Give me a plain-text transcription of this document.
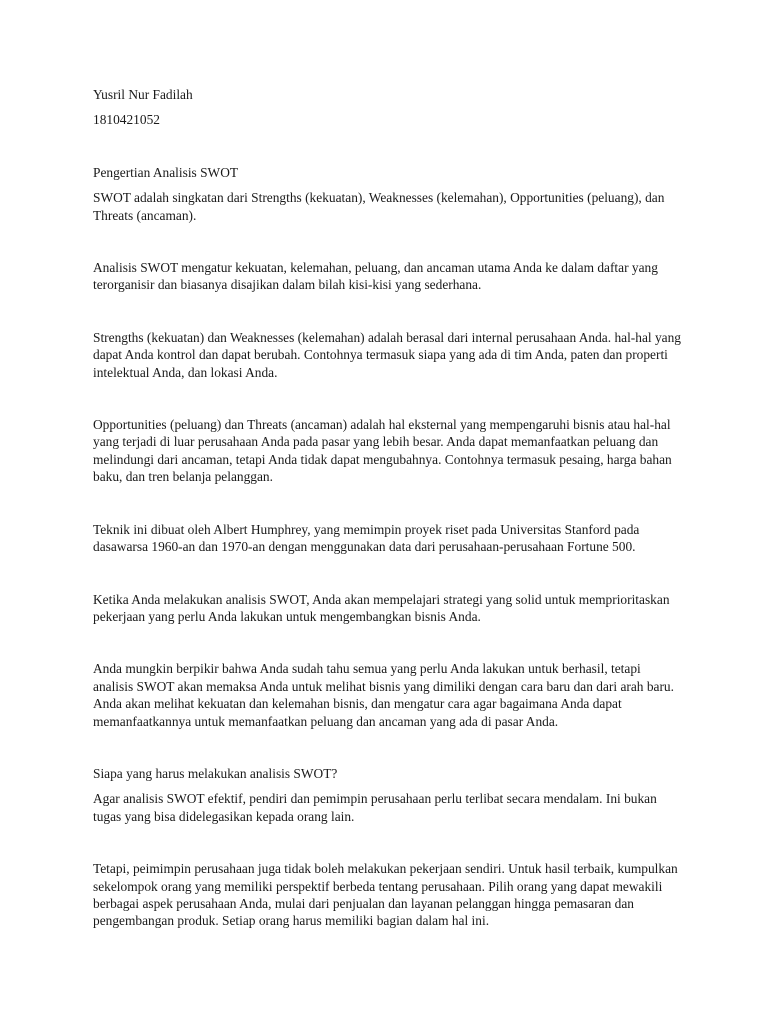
Yusril Nur Fadilah

1810421052

Pengertian Analisis SWOT

SWOT adalah singkatan dari Strengths (kekuatan), Weaknesses (kelemahan), Opportunities (peluang), dan Threats (ancaman).

Analisis SWOT mengatur kekuatan, kelemahan, peluang, dan ancaman utama Anda ke dalam daftar yang terorganisir dan biasanya disajikan dalam bilah kisi-kisi yang sederhana.

Strengths (kekuatan) dan Weaknesses (kelemahan) adalah berasal dari internal perusahaan Anda. hal-hal yang dapat Anda kontrol dan dapat berubah. Contohnya termasuk siapa yang ada di tim Anda, paten dan properti intelektual Anda, dan lokasi Anda.

Opportunities (peluang) dan Threats (ancaman) adalah hal eksternal yang mempengaruhi bisnis atau hal-hal yang terjadi di luar perusahaan Anda pada pasar yang lebih besar. Anda dapat memanfaatkan peluang dan melindungi dari ancaman, tetapi Anda tidak dapat mengubahnya. Contohnya termasuk pesaing, harga bahan baku, dan tren belanja pelanggan.

Teknik ini dibuat oleh Albert Humphrey, yang memimpin proyek riset pada Universitas Stanford pada dasawarsa 1960-an dan 1970-an dengan menggunakan data dari perusahaan-perusahaan Fortune 500.

Ketika Anda melakukan analisis SWOT, Anda akan mempelajari strategi yang solid untuk memprioritaskan pekerjaan yang perlu Anda lakukan untuk mengembangkan bisnis Anda.

Anda mungkin berpikir bahwa Anda sudah tahu semua yang perlu Anda lakukan untuk berhasil, tetapi analisis SWOT akan memaksa Anda untuk melihat bisnis yang dimiliki dengan cara baru dan dari arah baru. Anda akan melihat kekuatan dan kelemahan bisnis, dan mengatur cara agar bagaimana Anda dapat memanfaatkannya untuk memanfaatkan peluang dan ancaman yang ada di pasar Anda.

Siapa yang harus melakukan analisis SWOT?

Agar analisis SWOT efektif, pendiri dan pemimpin perusahaan perlu terlibat secara mendalam. Ini bukan tugas yang bisa didelegasikan kepada orang lain.

Tetapi, peimimpin perusahaan juga tidak boleh melakukan pekerjaan sendiri. Untuk hasil terbaik, kumpulkan sekelompok orang yang memiliki perspektif berbeda tentang perusahaan. Pilih orang yang dapat mewakili berbagai aspek perusahaan Anda, mulai dari penjualan dan layanan pelanggan hingga pemasaran dan pengembangan produk. Setiap orang harus memiliki bagian dalam hal ini.
